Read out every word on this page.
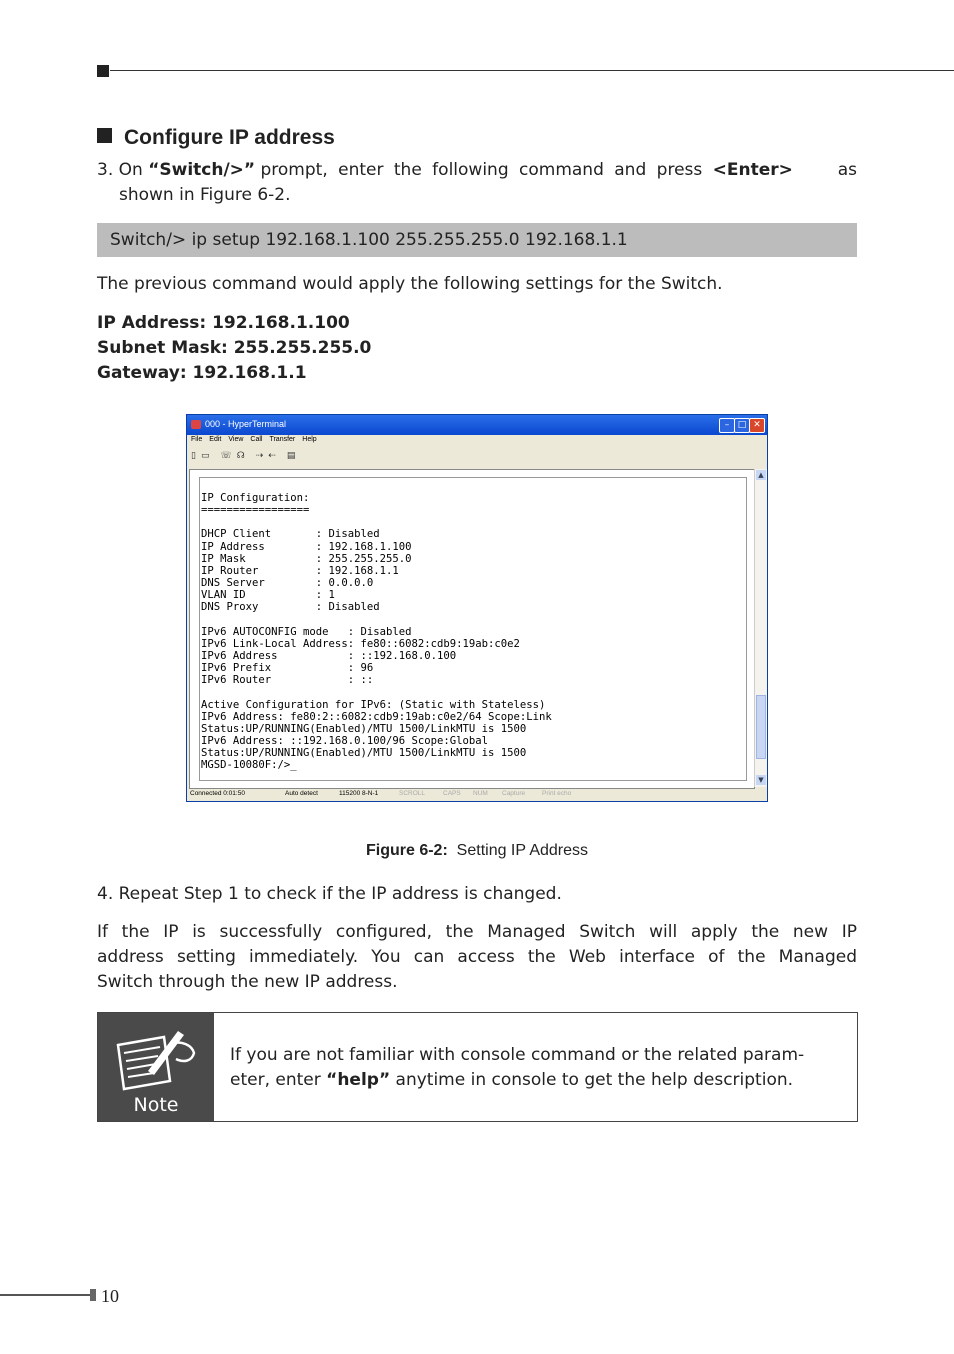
Configure IP address
3. On “Switch/>” prompt, enter the following command and press <Enter>	as
shown in Figure 6-2.
Switch/> ip setup 192.168.1.100 255.255.255.0 192.168.1.1
The previous command would apply the following settings for the Switch.
IP Address: 192.168.1.100
Subnet Mask: 255.255.255.0
Gateway: 192.168.1.1
000 - HyperTerminal	– □ ✕
File Edit View Call Transfer Help
▯ ▭ ☏ ☊ ⇢ ⇠ ▤
IP Configuration:
=================

DHCP Client       : Disabled
IP Address        : 192.168.1.100
IP Mask           : 255.255.255.0
IP Router         : 192.168.1.1
DNS Server        : 0.0.0.0
VLAN ID           : 1
DNS Proxy         : Disabled

IPv6 AUTOCONFIG mode   : Disabled
IPv6 Link-Local Address: fe80::6082:cdb9:19ab:c0e2
IPv6 Address           : ::192.168.0.100
IPv6 Prefix            : 96
IPv6 Router            : ::

Active Configuration for IPv6: (Static with Stateless)
IPv6 Address: fe80:2::6082:cdb9:19ab:c0e2/64 Scope:Link
Status:UP/RUNNING(Enabled)/MTU 1500/LinkMTU is 1500
IPv6 Address: ::192.168.0.100/96 Scope:Global
Status:UP/RUNNING(Enabled)/MTU 1500/LinkMTU is 1500
MGSD-10080F:/>_
▲
▼
Connected 0:01:50	Auto detect	115200 8-N-1	SCROLL	CAPS NUM Capture	Print echo
Figure 6-2: Setting IP Address
4. Repeat Step 1 to check if the IP address is changed.
If the IP is successfully configured, the Managed Switch will apply the new IP
address setting immediately. You can access the Web interface of the Managed
Switch through the new IP address.
Note
If you are not familiar with console command or the related param-
eter, enter “help” anytime in console to get the help description.
10
